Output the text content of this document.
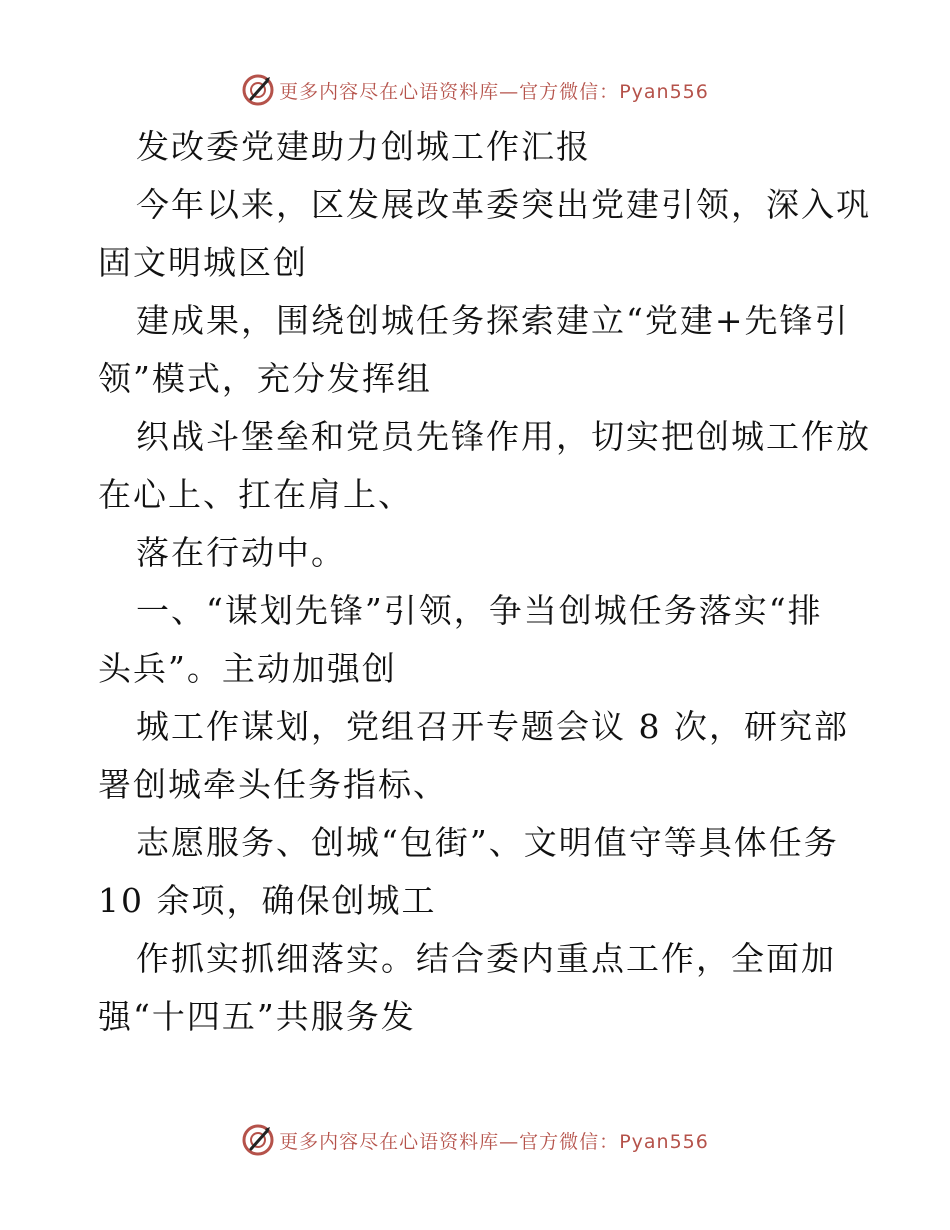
更多内容尽在心语资料库—官方微信：Pyan556
发改委党建助力创城工作汇报
今年以来，区发展改革委突出党建引领，深入巩
固文明城区创
建成果，围绕创城任务探索建立“党建+先锋引
领”模式，充分发挥组
织战斗堡垒和党员先锋作用，切实把创城工作放
在心上、扛在肩上、
落在行动中。
一、“谋划先锋”引领，争当创城任务落实“排
头兵”。主动加强创
城工作谋划，党组召开专题会议 8 次，研究部
署创城牵头任务指标、
志愿服务、创城“包街”、文明值守等具体任务
10 余项，确保创城工
作抓实抓细落实。结合委内重点工作，全面加
强“十四五”共服务发
更多内容尽在心语资料库—官方微信：Pyan556
